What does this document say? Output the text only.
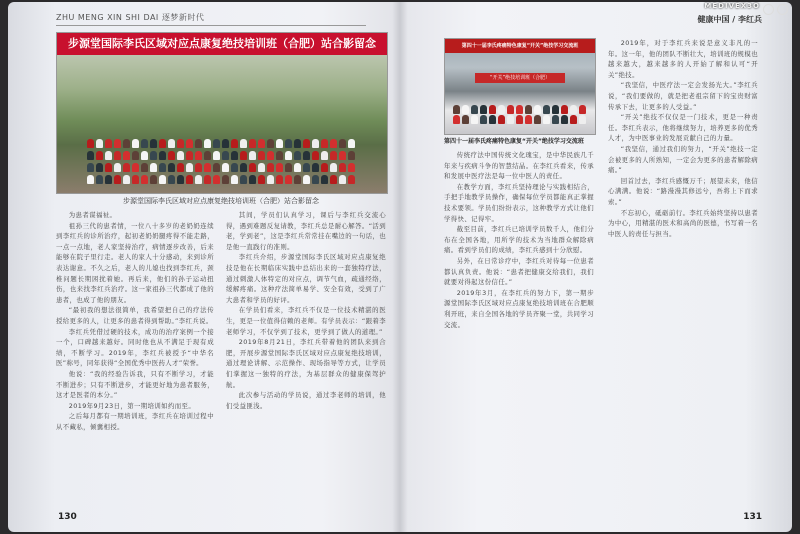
ZHU MENG XIN SHI DAI 逐梦新时代
步源堂国际李氏区域对应点康复绝技培训班（合肥）站合影留念
步源堂国际李氏区域对应点康复绝技培训班（合肥）站合影留念

为患者谋福祉。

祖孙三代的患者情，一位八十多岁的老奶奶连续到李红兵的诊所治疗，起初老奶奶腿疼得不能走路，一点一点地，老人家坚持治疗，病情逐步改善，后来能够在院子里行走。老人的家人十分感动，来到诊所表达谢意。不久之后，老人的儿媳也找到李红兵，颈椎问题长期困扰着她。再后来，他们的孙子运动扭伤，也来找李红兵治疗。这一家祖孙三代都成了他的患者，也成了他的朋友。

“最初我的想法很简单，我希望把自己的疗法传授给更多的人，让更多的患者得到帮助。”李红兵说。

李红兵凭借过硬的技术，成功的治疗案例一个接一个，口碑越来越好。同时他也从不满足于现有成绩，不断学习。2019年，李红兵被授予“中华名医”称号，同年获得“全国优秀中医药人才”荣誉。

他说：“我的经验告诉我，只有不断学习，才能不断进步；只有不断进步，才能更好地为患者服务，这才是医者的本分。”

2019年9月23日，第一期培训如约而至。

之后每月都有一期培训班，李红兵在培训过程中从不藏私，倾囊相授。

其间，学员们认真学习，课后与李红兵交流心得，遇到难题反复请教，李红兵总是耐心解答。“活到老，学到老”，这是李红兵常常挂在嘴边的一句话，也是他一直践行的准则。

李红兵介绍，步源堂国际李氏区域对应点康复绝技是他在长期临床实践中总结出来的一套独特疗法，通过刺激人体特定的对应点，调节气血，疏通经络，缓解疼痛。这种疗法简单易学、安全有效，受到了广大患者和学员的好评。

在学员们看来，李红兵不仅是一位技术精湛的医生，更是一位值得信赖的老师。有学员表示：“跟着李老师学习，不仅学到了技术，更学到了做人的道理。”

2019年8月21日，李红兵带着他的团队来到合肥，开展步源堂国际李氏区域对应点康复绝技培训，通过理论讲解、示范操作、现场指导等方式，让学员们掌握这一独特的疗法，为基层群众的健康保驾护航。

此次参与活动的学员说，通过李老师的培训，他们受益匪浅。

130
健康中国 / 李红兵
第四十一届李氏疼痛特色康复“开关”绝技学习交流班
“开关”绝技培训班（合肥）
第四十一届李氏疼痛特色康复“开关”绝技学习交流班

传统疗法中国传统文化瑰宝，是中华民族几千年来与疾病斗争的智慧结晶。在李红兵看来，传承和发展中医疗法是每一位中医人的责任。

在教学方面，李红兵坚持理论与实践相结合，手把手地教学员操作，确保每位学员都能真正掌握技术要领。学员们纷纷表示，这种教学方式让他们学得快、记得牢。

截至目前，李红兵已培训学员数千人，他们分布在全国各地，用所学的技术为当地群众解除病痛。看到学员们的成绩，李红兵感到十分欣慰。

另外，在日常诊疗中，李红兵对待每一位患者都认真负责。他说：“患者把健康交给我们，我们就要对得起这份信任。”

2019年3月，在李红兵的努力下，第一期步源堂国际李氏区域对应点康复绝技培训班在合肥顺利开班，来自全国各地的学员齐聚一堂，共同学习交流。

2019年，对于李红兵来说是意义非凡的一年。这一年，他的团队不断壮大，培训班的规模也越来越大，越来越多的人开始了解和认可“开关”绝技。

“我坚信，中医疗法一定会发扬光大。”李红兵说，“我们要做的，就是把老祖宗留下的宝贵财富传承下去，让更多的人受益。”

“开关”绝技不仅仅是一门技术，更是一种责任。李红兵表示，他将继续努力，培养更多的优秀人才，为中医事业的发展贡献自己的力量。

“我坚信，通过我们的努力，“开关”绝技一定会被更多的人所熟知，一定会为更多的患者解除病痛。”

回首过去，李红兵感慨万千；展望未来，他信心满满。他说：“路漫漫其修远兮，吾将上下而求索。”

不忘初心，砥砺前行。李红兵始终坚持以患者为中心，用精湛的医术和高尚的医德，书写着一名中医人的责任与担当。

131
MEDIVEX3O
